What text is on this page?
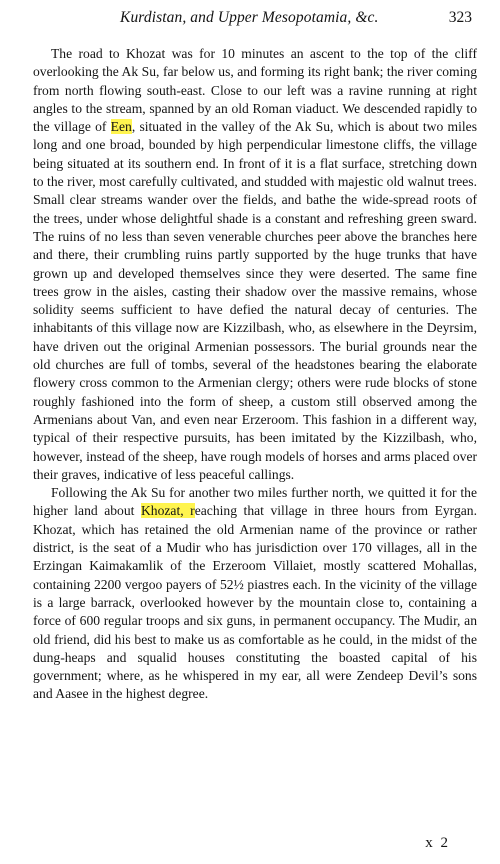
Kurdistan, and Upper Mesopotamia, &c.	323

The road to Khozat was for 10 minutes an ascent to the top of the cliff overlooking the Ak Su, far below us, and forming its right bank; the river coming from north flowing south-east. Close to our left was a ravine running at right angles to the stream, spanned by an old Roman viaduct. We descended rapidly to the village of Een, situated in the valley of the Ak Su, which is about two miles long and one broad, bounded by high perpendicular limestone cliffs, the village being situated at its southern end. In front of it is a flat surface, stretching down to the river, most carefully cultivated, and studded with majestic old walnut trees. Small clear streams wander over the fields, and bathe the wide-spread roots of the trees, under whose delightful shade is a constant and refreshing green sward. The ruins of no less than seven venerable churches peer above the branches here and there, their crumbling ruins partly supported by the huge trunks that have grown up and developed themselves since they were deserted. The same fine trees grow in the aisles, casting their shadow over the massive remains, whose solidity seems sufficient to have defied the natural decay of centuries. The inhabitants of this village now are Kizzilbash, who, as elsewhere in the Deyrsim, have driven out the original Armenian possessors. The burial grounds near the old churches are full of tombs, several of the headstones bearing the elaborate flowery cross common to the Armenian clergy; others were rude blocks of stone roughly fashioned into the form of sheep, a custom still observed among the Armenians about Van, and even near Erzeroom. This fashion in a different way, typical of their respective pursuits, has been imitated by the Kizzilbash, who, however, instead of the sheep, have rough models of horses and arms placed over their graves, indicative of less peaceful callings.

Following the Ak Su for another two miles further north, we quitted it for the higher land about Khozat, reaching that village in three hours from Eyrgan. Khozat, which has retained the old Armenian name of the province or rather district, is the seat of a Mudir who has jurisdiction over 170 villages, all in the Erzingan Kaimakamlik of the Erzeroom Villaiet, mostly scattered Mohallas, containing 2200 vergoo payers of 52½ piastres each. In the vicinity of the village is a large barrack, overlooked however by the mountain close to, containing a force of 600 regular troops and six guns, in permanent occupancy. The Mudir, an old friend, did his best to make us as comfortable as he could, in the midst of the dung-heaps and squalid houses constituting the boasted capital of his government; where, as he whispered in my ear, all were Zendeep Devil’s sons and Aasee in the highest degree.

x 2
